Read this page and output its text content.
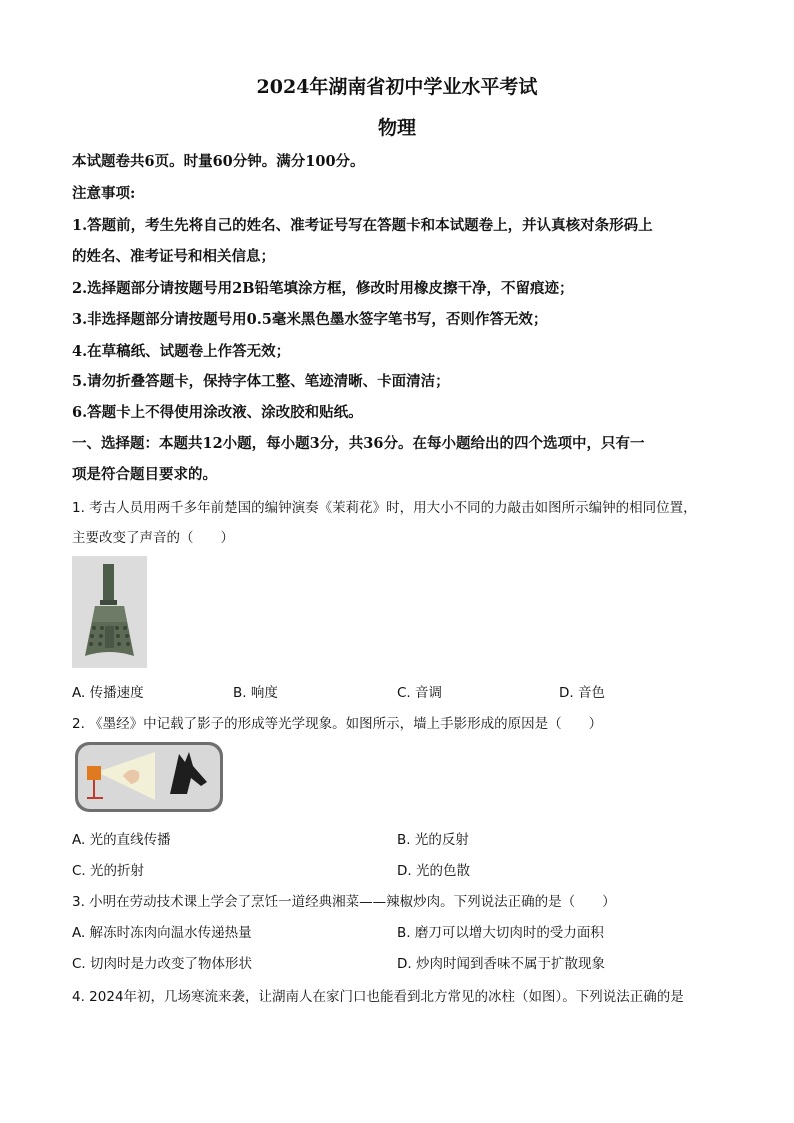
2024年湖南省初中学业水平考试
物理
本试题卷共6页。时量60分钟。满分100分。
注意事项:
1.答题前，考生先将自己的姓名、准考证号写在答题卡和本试题卷上，并认真核对条形码上
的姓名、准考证号和相关信息；
2.选择题部分请按题号用2B铅笔填涂方框，修改时用橡皮擦干净，不留痕迹；
3.非选择题部分请按题号用0.5毫米黑色墨水签字笔书写，否则作答无效；
4.在草稿纸、试题卷上作答无效；
5.请勿折叠答题卡，保持字体工整、笔迹清晰、卡面清洁；
6.答题卡上不得使用涂改液、涂改胶和贴纸。
一、选择题：本题共12小题，每小题3分，共36分。在每小题给出的四个选项中，只有一
项是符合题目要求的。
1. 考古人员用两千多年前楚国的编钟演奏《茉莉花》时，用大小不同的力敲击如图所示编钟的相同位置，
主要改变了声音的（　　）
A. 传播速度	B. 响度	C. 音调	D. 音色
2. 《墨经》中记载了影子的形成等光学现象。如图所示，墙上手影形成的原因是（　　）
A. 光的直线传播	B. 光的反射
C. 光的折射	D. 光的色散
3. 小明在劳动技术课上学会了烹饪一道经典湘菜——辣椒炒肉。下列说法正确的是（　　）
A. 解冻时冻肉向温水传递热量	B. 磨刀可以增大切肉时的受力面积
C. 切肉时是力改变了物体形状	D. 炒肉时闻到香味不属于扩散现象
4. 2024年初，几场寒流来袭，让湖南人在家门口也能看到北方常见的冰柱（如图）。下列说法正确的是
